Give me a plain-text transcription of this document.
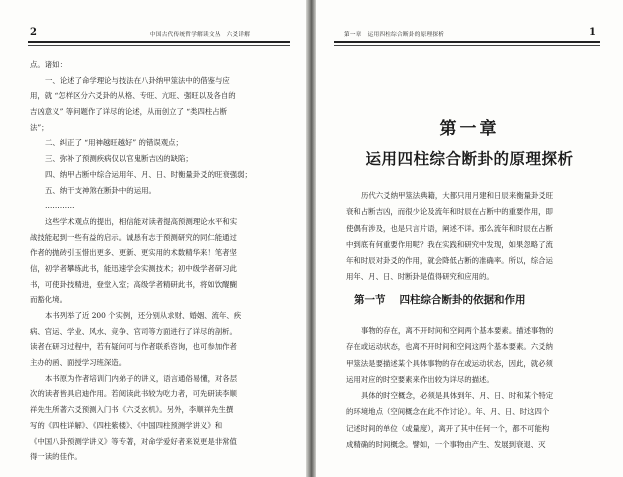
2	中国古代传统哲学解读文丛　六爻详解
点。诸如：
一、论述了命学理论与技法在八卦纳甲筮法中的借鉴与应
用，就 “怎样区分六爻卦的从格、专旺、亢旺、强旺以及各自的
吉凶意义” 等问题作了详尽的论述，从而创立了 “类四柱占断
法”；
二、纠正了 “用神越旺越好” 的错误观点；
三、弥补了预测疾病仅以官鬼断吉凶的缺陷；
四、纳甲占断中综合运用年、月、日、时衡量卦爻的旺衰强弱；
五、纳干支神煞在断卦中的运用。
…………
这些学术观点的提出，相信能对读者提高预测理论水平和实
战技能起到一些有益的启示。诚恳有志于预测研究的同仁能通过
作者的抛砖引玉惜出更多、更新、更实用的术数精华来！笔者坚
信，初学者攀练此书，能迅速学会实测技术；初中级学者研习此
书，可使卦技精进，登堂入室；高级学者精研此书，将如饮醍醐
而豁化境。
本书列举了近 200 个实例，还分别从求财、婚姻、流年、疾
病、官运、学业、风水、竞争、官司等方面进行了详尽的剖析。
读者在研习过程中，若有疑问可与作者联系咨询，也可参加作者
主办的函、面授学习班深造。
本书原为作者培训门内弟子的讲义，语言通俗易懂，对各层
次的读者皆具启迪作用。若阅读此书较为吃力者，可先研读李顺
祥先生所著六爻预测入门书《六爻玄机》。另外，李顺祥先生撰
写的《四柱详解》、《四柱紫楼》、《中国四柱预测学讲义》和
《中国八卦预测学讲义》等专著，对命学爱好者来说更是非常值
得一读的佳作。
第一章　运用四柱综合断卦的原理探析	1
第一章
运用四柱综合断卦的原理探析
历代六爻纳甲筮法典籍，大都只用月建和日辰来衡量卦爻旺
衰和占断吉凶，而很少论及流年和时辰在占断中的重要作用，即
使偶有涉及，也是只言片语，阐述不详。那么流年和时辰在占断
中到底有何重要作用呢？我在实践和研究中发现，如果忽略了流
年和时辰对卦爻的作用，就会降低占断的准确率。所以，综合运
用年、月、日、时断卦是值得研究和应用的。
第一节 四柱综合断卦的依据和作用
事物的存在，离不开时间和空间两个基本要素。描述事物的
存在或运动状态，也离不开时间和空间这两个基本要素。六爻纳
甲筮法是要描述某个具体事物的存在或运动状态，因此，就必须
运用对应的时空要素来作出较为详尽的描述。
具体的时空概念，必须是具体到年、月、日、时和某个特定
的环境地点（空间概念在此不作讨论）。年、月、日、时这四个
记述时间的单位（或量度），离开了其中任何一个，都不可能构
成精确的时间概念。譬如，一个事物由产生、发展到衰退、灭
